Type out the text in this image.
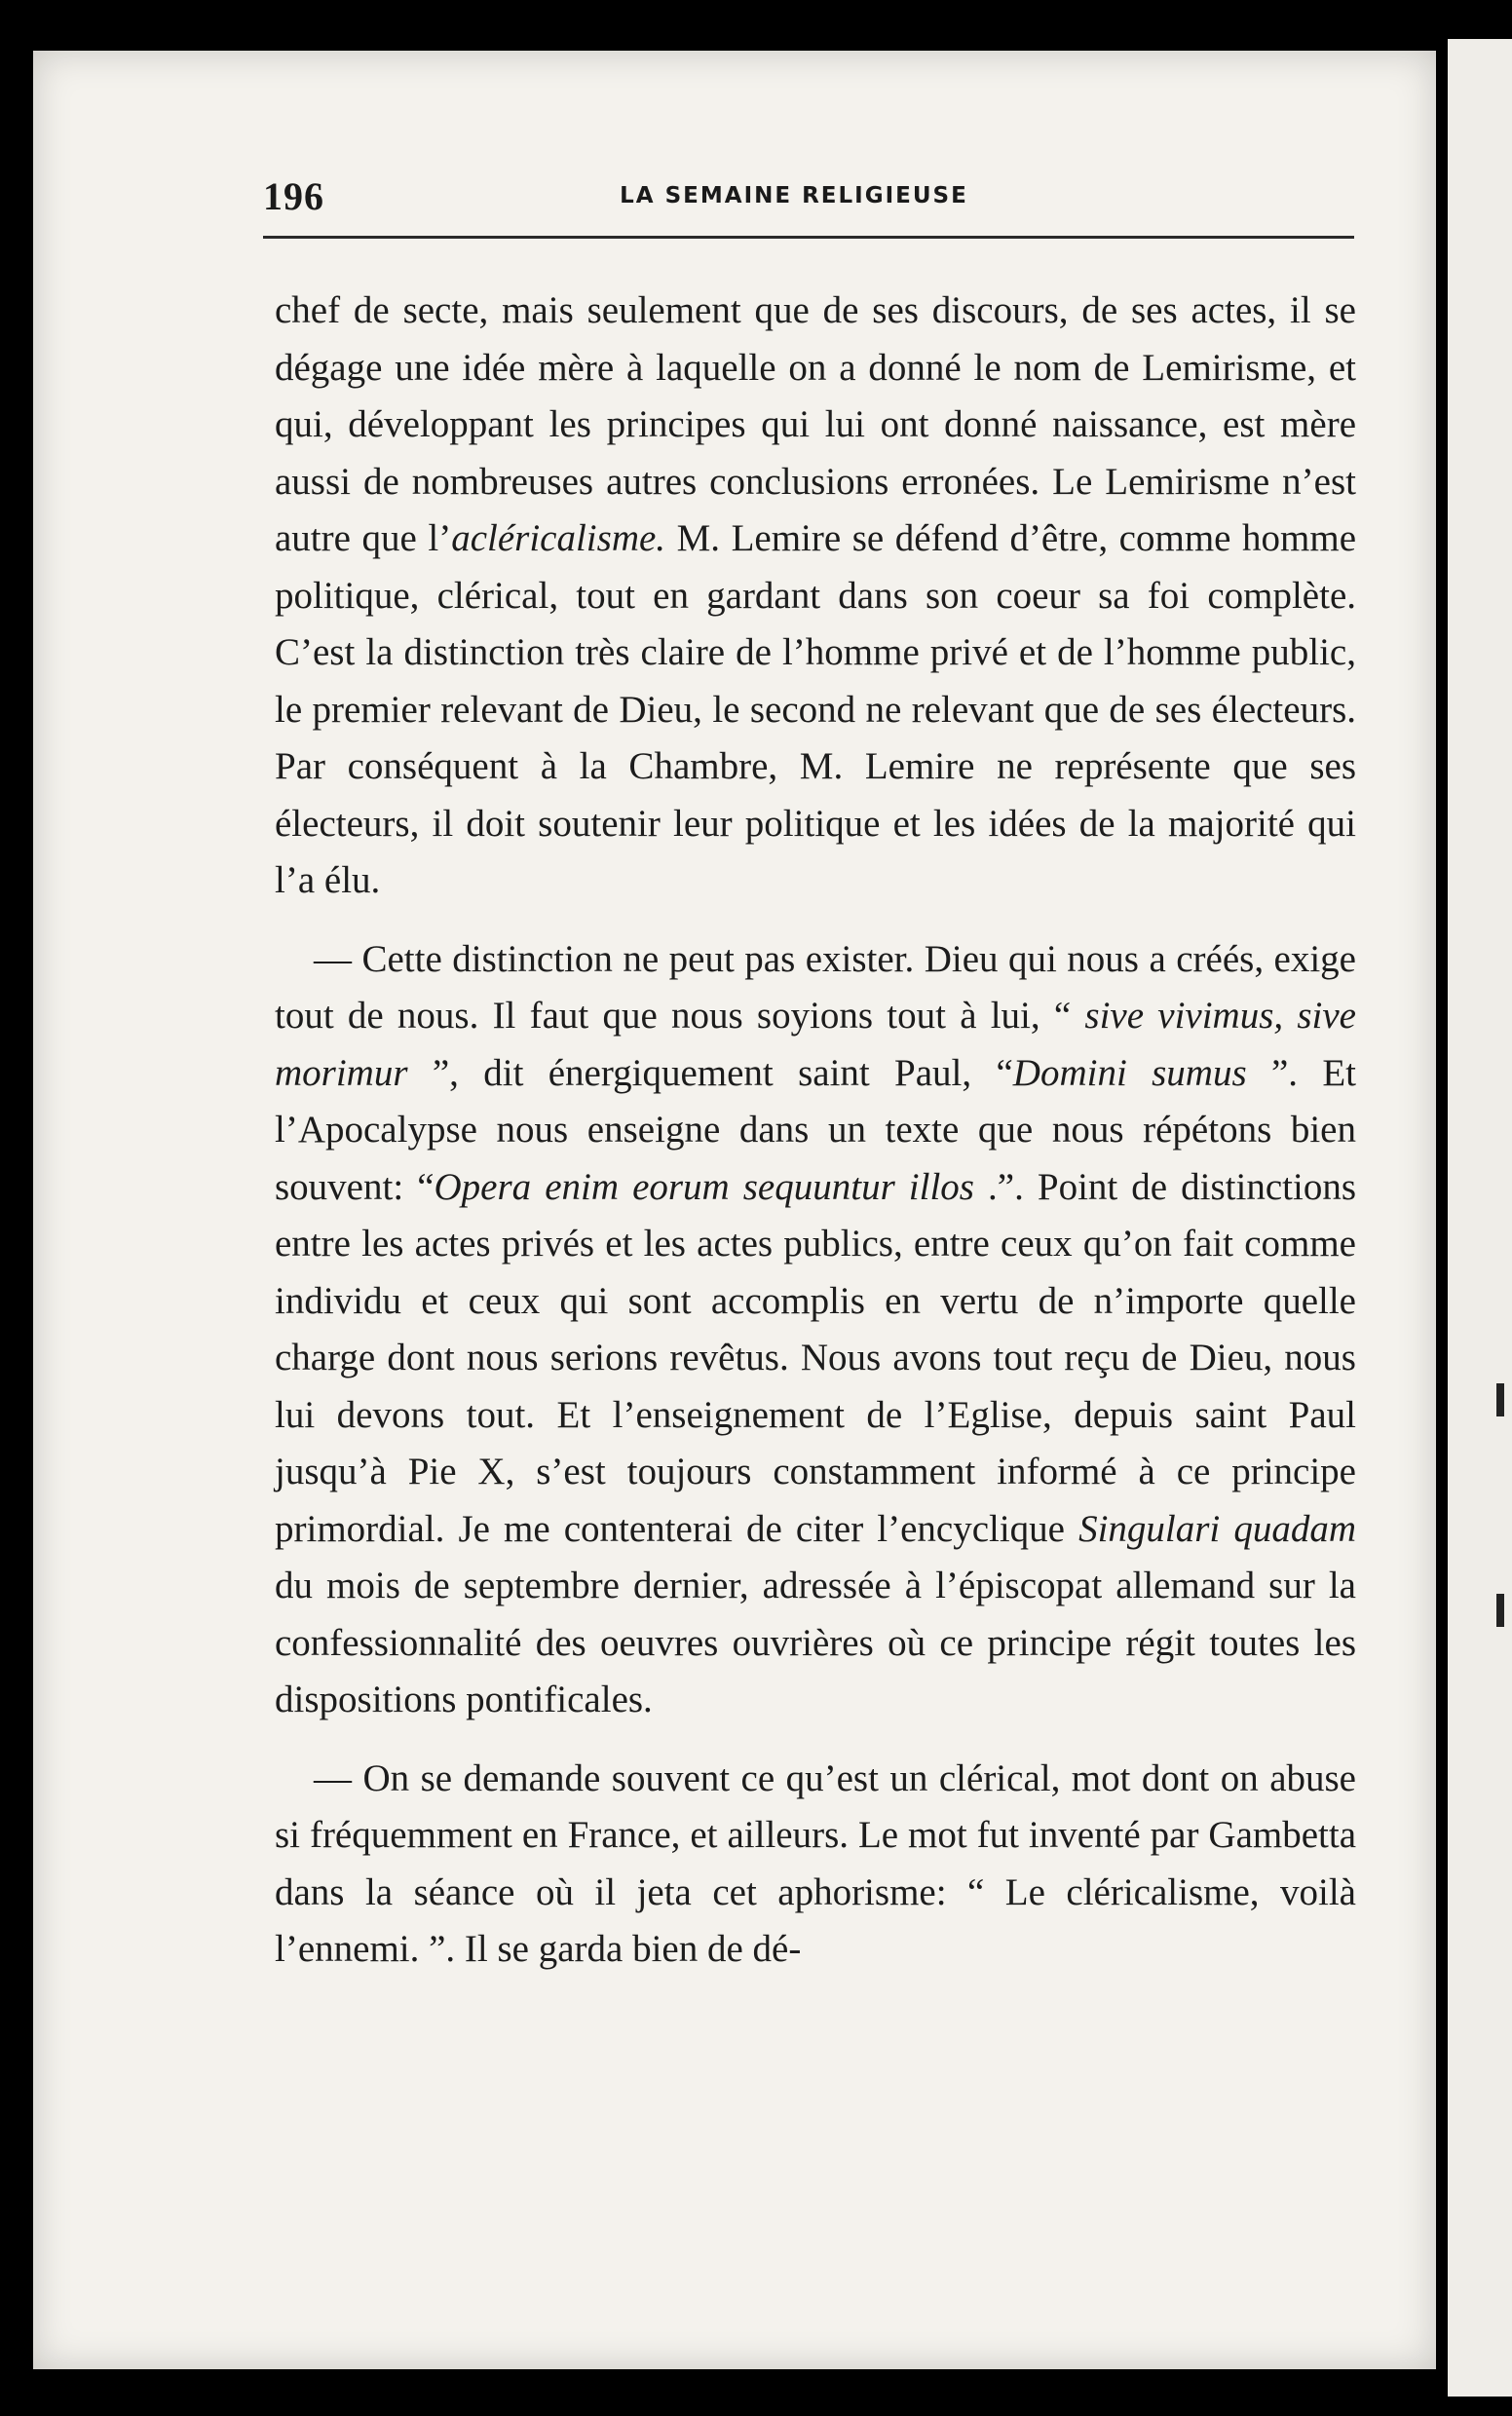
196	LA SEMAINE RELIGIEUSE

chef de secte, mais seulement que de ses discours, de ses actes, il se dégage une idée mère à laquelle on a donné le nom de Lemirisme, et qui, développant les principes qui lui ont donné naissance, est mère aussi de nombreuses autres conclusions erronées. Le Lemirisme n’est autre que l’acléricalisme. M. Lemire se défend d’être, comme homme politique, clérical, tout en gardant dans son coeur sa foi complète. C’est la distinction très claire de l’homme privé et de l’homme public, le premier relevant de Dieu, le second ne relevant que de ses électeurs. Par conséquent à la Chambre, M. Lemire ne représente que ses électeurs, il doit soutenir leur politique et les idées de la majorité qui l’a élu.

— Cette distinction ne peut pas exister. Dieu qui nous a créés, exige tout de nous. Il faut que nous soyions tout à lui, “ sive vivimus, sive morimur ”, dit énergiquement saint Paul, “Domini sumus ”. Et l’Apocalypse nous enseigne dans un texte que nous répétons bien souvent: “Opera enim eorum sequuntur illos .”. Point de distinctions entre les actes privés et les actes publics, entre ceux qu’on fait comme individu et ceux qui sont accomplis en vertu de n’importe quelle charge dont nous serions revêtus. Nous avons tout reçu de Dieu, nous lui devons tout. Et l’enseignement de l’Eglise, depuis saint Paul jusqu’à Pie X, s’est toujours constamment informé à ce principe primordial. Je me contenterai de citer l’encyclique Singulari quadam du mois de septembre dernier, adressée à l’épiscopat allemand sur la confessionnalité des oeuvres ouvrières où ce principe régit toutes les dispositions pontificales.

— On se demande souvent ce qu’est un clérical, mot dont on abuse si fréquemment en France, et ailleurs. Le mot fut inventé par Gambetta dans la séance où il jeta cet aphorisme: “ Le cléricalisme, voilà l’ennemi. ”. Il se garda bien de dé-
